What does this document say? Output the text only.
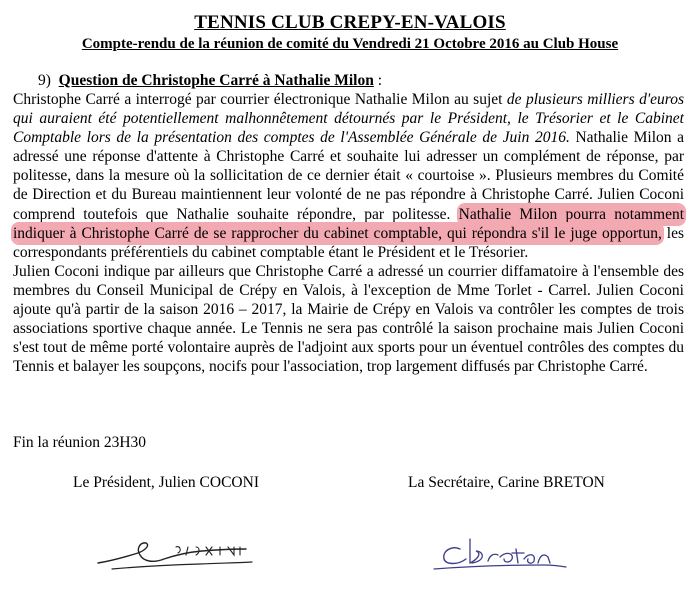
TENNIS CLUB CREPY-EN-VALOIS
Compte-rendu de la réunion de comité du Vendredi 21 Octobre 2016 au Club House
9) Question de Christophe Carré à Nathalie Milon :

Christophe Carré a interrogé par courrier électronique Nathalie Milon au sujet de plusieurs milliers d'euros qui auraient été potentiellement malhonnêtement détournés par le Président, le Trésorier et le Cabinet Comptable lors de la présentation des comptes de l'Assemblée Générale de Juin 2016. Nathalie Milon a adressé une réponse d'attente à Christophe Carré et souhaite lui adresser un complément de réponse, par politesse, dans la mesure où la sollicitation de ce dernier était « courtoise ». Plusieurs membres du Comité de Direction et du Bureau maintiennent leur volonté de ne pas répondre à Christophe Carré. Julien Coconi comprend toutefois que Nathalie souhaite répondre, par politesse. Nathalie Milon pourra notamment indiquer à Christophe Carré de se rapprocher du cabinet comptable, qui répondra s'il le juge opportun, les correspondants préférentiels du cabinet comptable étant le Président et le Trésorier.

Julien Coconi indique par ailleurs que Christophe Carré a adressé un courrier diffamatoire à l'ensemble des membres du Conseil Municipal de Crépy en Valois, à l'exception de Mme Torlet - Carrel. Julien Coconi ajoute qu'à partir de la saison 2016 – 2017, la Mairie de Crépy en Valois va contrôler les comptes de trois associations sportive chaque année. Le Tennis ne sera pas contrôlé la saison prochaine mais Julien Coconi s'est tout de même porté volontaire auprès de l'adjoint aux sports pour un éventuel contrôles des comptes du Tennis et balayer les soupçons, nocifs pour l'association, trop largement diffusés par Christophe Carré.

Fin la réunion 23H30
Le Président, Julien COCONI	La Secrétaire, Carine BRETON
